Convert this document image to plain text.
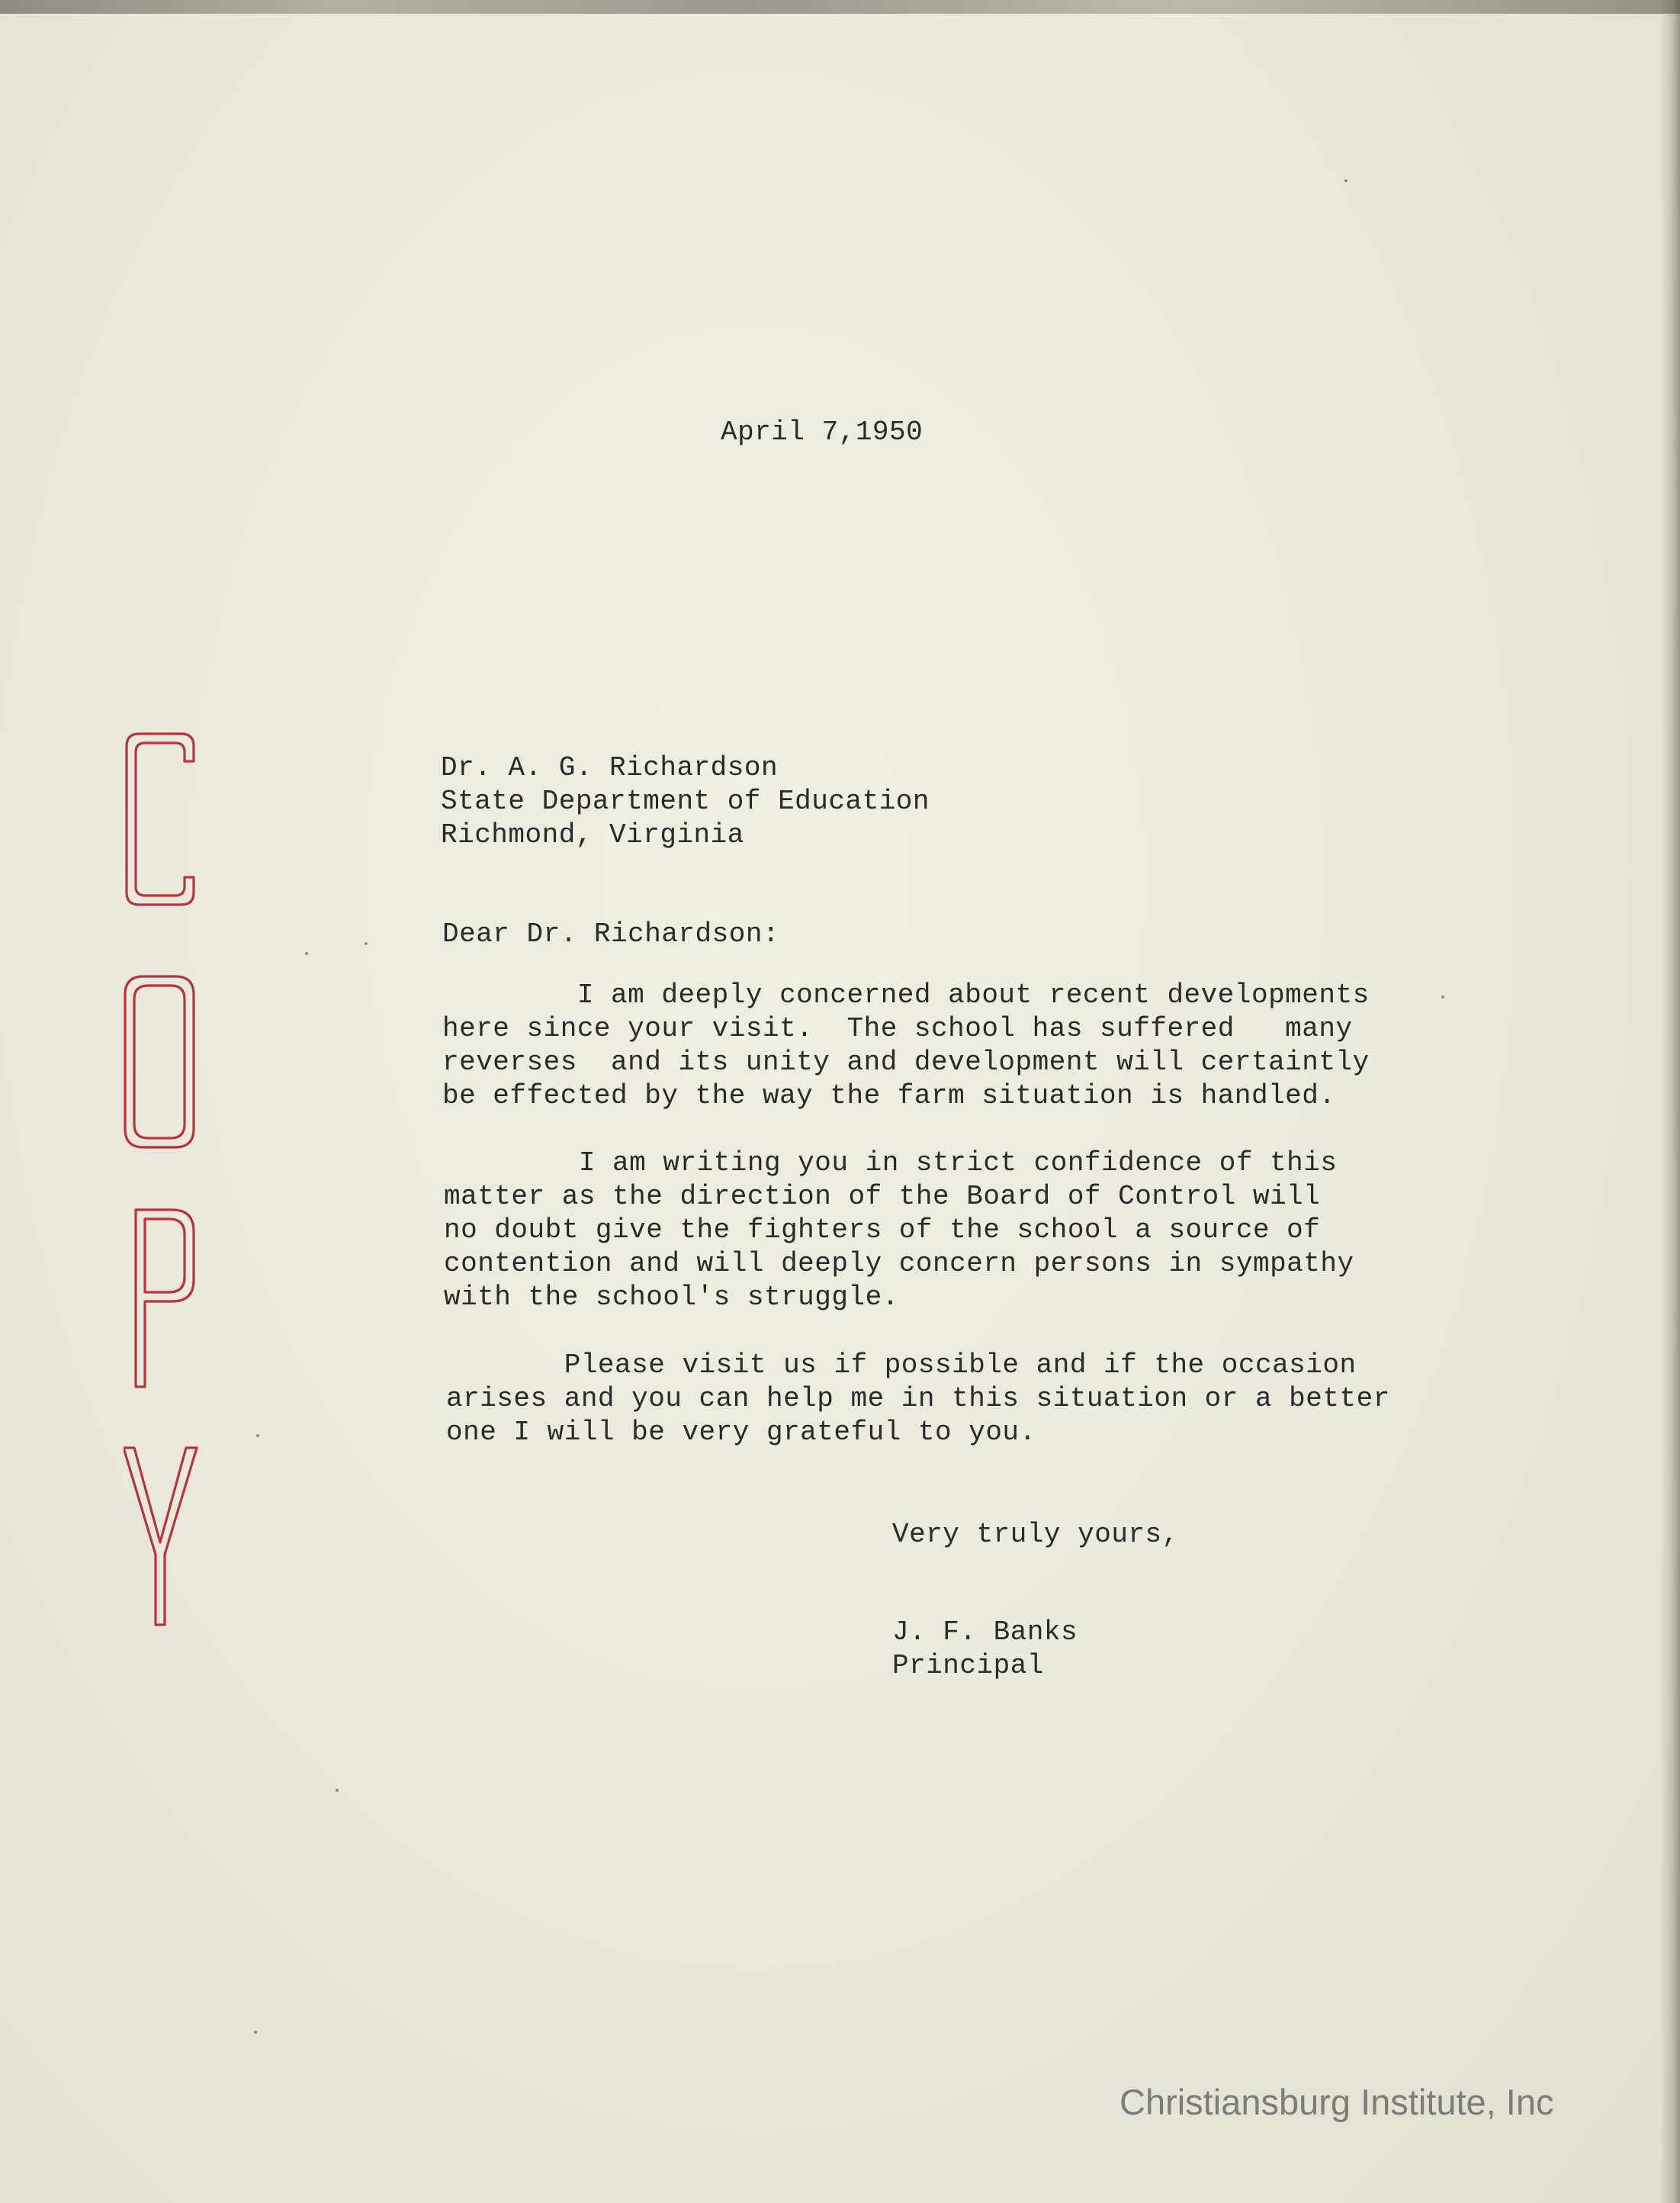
April 7,1950
Dr. A. G. Richardson
State Department of Education
Richmond, Virginia
Dear Dr. Richardson:
I am deeply concerned about recent developments
here since your visit.  The school has suffered   many
reverses  and its unity and development will certaintly
be effected by the way the farm situation is handled.
I am writing you in strict confidence of this
matter as the direction of the Board of Control will
no doubt give the fighters of the school a source of
contention and will deeply concern persons in sympathy
with the school's struggle.
Please visit us if possible and if the occasion
arises and you can help me in this situation or a better
one I will be very grateful to you.
Very truly yours,
J. F. Banks
Principal
Christiansburg Institute, Inc
